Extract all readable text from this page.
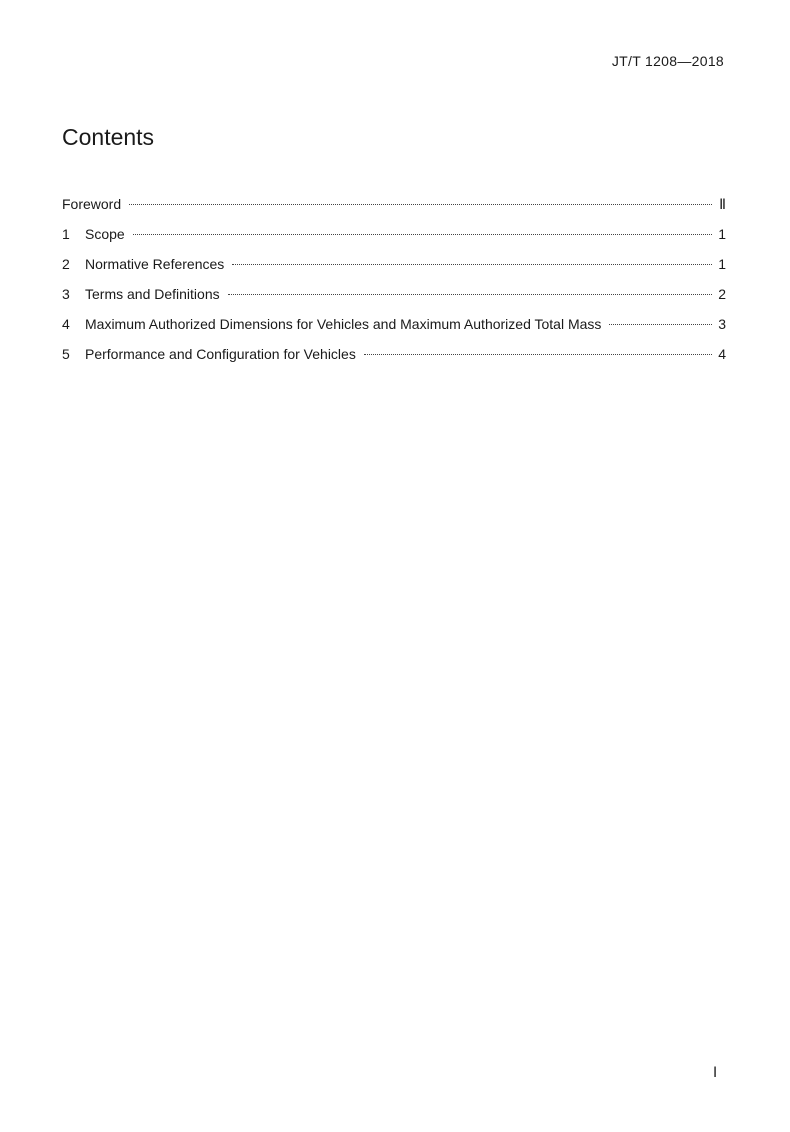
JT/T 1208—2018
Contents
Foreword	Ⅱ
1	Scope	1
2	Normative References	1
3	Terms and Definitions	2
4	Maximum Authorized Dimensions for Vehicles and Maximum Authorized Total Mass	3
5	Performance and Configuration for Vehicles	4
Ⅰ
